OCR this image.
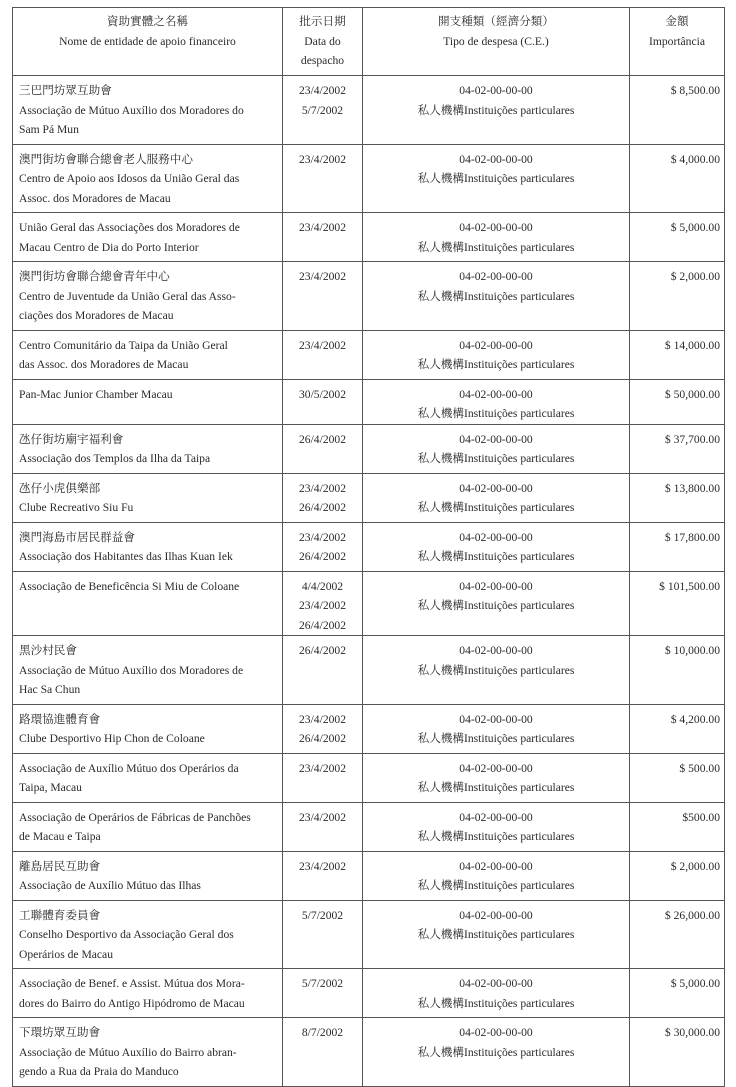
資助實體之名稱
Nome de entidade de apoio financeiro	批示日期
Data do
despacho	開支種類（經濟分類）
Tipo de despesa (C.E.)	金額
Importância

三巴門坊眾互助會
Associação de Mútuo Auxílio dos Moradores do
Sam Pá Mun	23/4/2002
5/7/2002	04-02-00-00-00
私人機構Instituições particulares	$ 8,500.00

澳門街坊會聯合總會老人服務中心
Centro de Apoio aos Idosos da União Geral das
Assoc. dos Moradores de Macau	23/4/2002	04-02-00-00-00
私人機構Instituições particulares	$ 4,000.00

União Geral das Associações dos Moradores de
Macau Centro de Dia do Porto Interior	23/4/2002	04-02-00-00-00
私人機構Instituições particulares	$ 5,000.00

澳門街坊會聯合總會青年中心
Centro de Juventude da União Geral das Asso-
ciações dos Moradores de Macau	23/4/2002	04-02-00-00-00
私人機構Instituições particulares	$ 2,000.00

Centro Comunitário da Taipa da União Geral
das Assoc. dos Moradores de Macau	23/4/2002	04-02-00-00-00
私人機構Instituições particulares	$ 14,000.00

Pan-Mac Junior Chamber Macau	30/5/2002	04-02-00-00-00
私人機構Instituições particulares	$ 50,000.00

氹仔街坊廟宇福利會
Associação dos Templos da Ilha da Taipa	26/4/2002	04-02-00-00-00
私人機構Instituições particulares	$ 37,700.00

氹仔小虎俱樂部
Clube Recreativo Siu Fu	23/4/2002
26/4/2002	04-02-00-00-00
私人機構Instituições particulares	$ 13,800.00

澳門海島市居民群益會
Associação dos Habitantes das Ilhas Kuan Iek	23/4/2002
26/4/2002	04-02-00-00-00
私人機構Instituições particulares	$ 17,800.00

Associação de Beneficência Si Miu de Coloane	4/4/2002
23/4/2002
26/4/2002	04-02-00-00-00
私人機構Instituições particulares	$ 101,500.00

黑沙村民會
Associação de Mútuo Auxílio dos Moradores de
Hac Sa Chun	26/4/2002	04-02-00-00-00
私人機構Instituições particulares	$ 10,000.00

路環協進體育會
Clube Desportivo Hip Chon de Coloane	23/4/2002
26/4/2002	04-02-00-00-00
私人機構Instituições particulares	$ 4,200.00

Associação de Auxílio Mútuo dos Operários da
Taipa, Macau	23/4/2002	04-02-00-00-00
私人機構Instituições particulares	$ 500.00

Associação de Operários de Fábricas de Panchões
de Macau e Taipa	23/4/2002	04-02-00-00-00
私人機構Instituições particulares	$500.00

離島居民互助會
Associação de Auxílio Mútuo das Ilhas	23/4/2002	04-02-00-00-00
私人機構Instituições particulares	$ 2,000.00

工聯體育委員會
Conselho Desportivo da Associação Geral dos
Operários de Macau	5/7/2002	04-02-00-00-00
私人機構Instituições particulares	$ 26,000.00

Associação de Benef. e Assist. Mútua dos Mora-
dores do Bairro do Antigo Hipódromo de Macau	5/7/2002	04-02-00-00-00
私人機構Instituições particulares	$ 5,000.00

下環坊眾互助會
Associação de Mútuo Auxílio do Bairro abran-
gendo a Rua da Praia do Manduco	8/7/2002	04-02-00-00-00
私人機構Instituições particulares	$ 30,000.00
